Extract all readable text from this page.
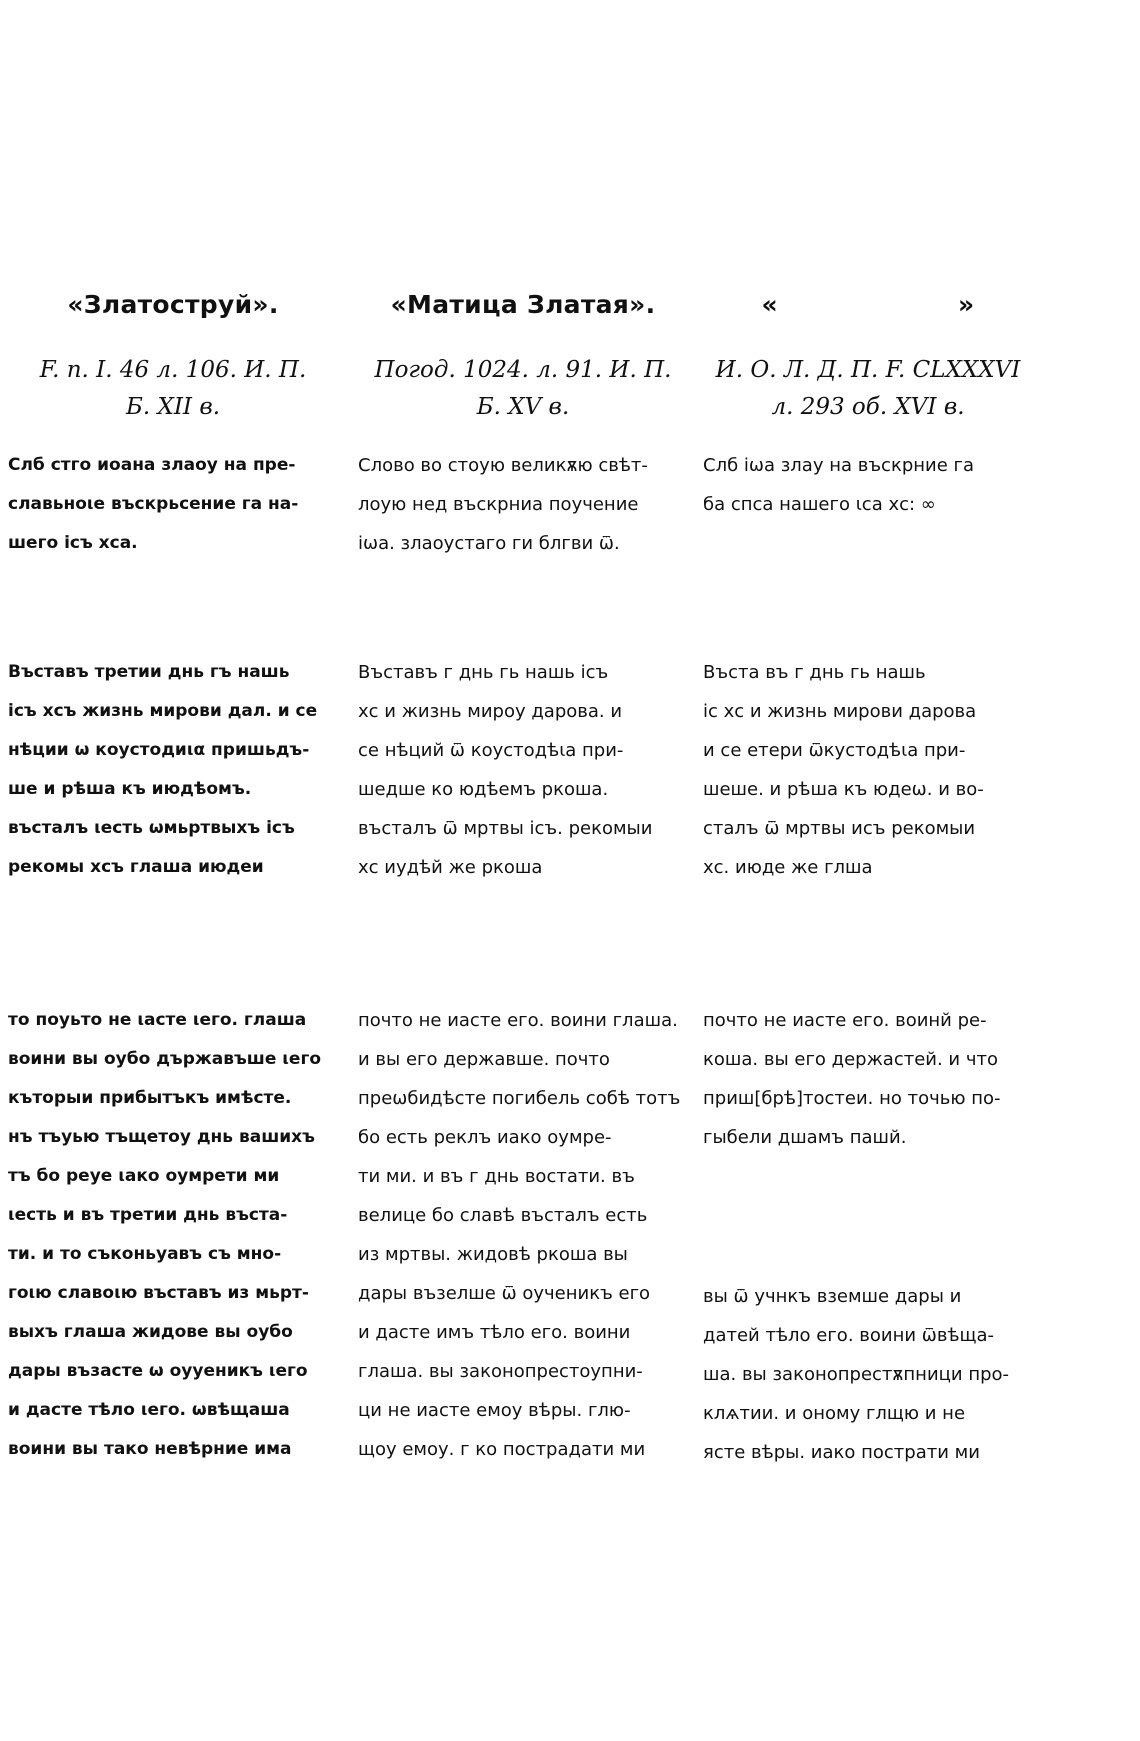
«Златоструй».
F. п. I. 46 л. 106. И. П.
Б. XII в.

Слб стго иоана злаоу на пре-
славьнοιе въскрьсение га на-
шего ісъ хса.

Въставъ третии днь гъ нашь
ісъ хсъ жизнь мирови дал. и се
нѣции ѡ коустодиια пришьдъ-
ше и рѣша къ июдѣомъ.
въсталъ ιесть ѡмьртвыхъ ісъ
рекомы хсъ глаша июдеи

то поуьто не ιасте ιего. глаша
воини вы оубо държавъше ιего
къторыи прибытъкъ имѣсте.
нъ тъуью тъщетоу днь вашихъ
тъ бо реуе ιако оумрети ми
ιесть и въ третии днь въста-
ти. и то съконьуавъ съ мно-
гоιю славоιю въставъ из мьрт-
выхъ глаша жидове вы оубо
дары възасте ѡ оууеникъ ιего
и дасте тѣло ιего. ѡвѣщаша
воини вы тако невѣрние има

«Матица Златая».
Погод. 1024. л. 91. И. П.
Б. XV в.

Слово во стоую великѫю свѣт-
лоую нед въскрниа поучение
іωа. злаоустаго ги блгви ѿ.

Въставъ г днь гь нашь ісъ
хс и жизнь мироу дарова. и
се нѣций ѿ коустодѣιа при-
шедше ко юдѣемъ ркоша.
въсталъ ѿ мртвы ісъ. рекомыи
хс иудѣй же ркоша

почто не иасте его. воини глаша.
и вы его державше. почто
преѡбидѣсте погибель собѣ тотъ
бо есть реклъ иако оумре-
ти ми. и въ г днь востати. въ
велице бо славѣ въсталъ есть
из мртвы. жидовѣ ркоша вы
дары възелше ѿ оученикъ его
и дасте имъ тѣло его. воини
глаша. вы законопрестоупни-
ци не иасте емоу вѣры. глю-
щоу емоу. г ко пострадати ми

«                    »
И. О. Л. Д. П. F. CLXXXVI
л. 293 об. XVI в.

Слб іωа злау на въскрние га
ба спса нашего ιса хс: ∞

Въста въ г днь гь нашь
іс хс и жизнь мирови дарова
и се етери ѿкустодѣιа при-
шеше. и рѣша къ юдеѡ. и во-
сталъ ѿ мртвы исъ рекомыи
хс. июде же глша

почто не иасте его. воинй ре-
коша. вы его держастей. и что
приш[брѣ]тостеи. но точью по-
гыбели дшамъ пашй.

вы ѿ учнкъ вземше дары и
датей тѣло его. воини ѿвѣща-
ша. вы законопрестѫпници про-
клѧтии. и оному глщю и не
ясте вѣры. иако пострати ми
